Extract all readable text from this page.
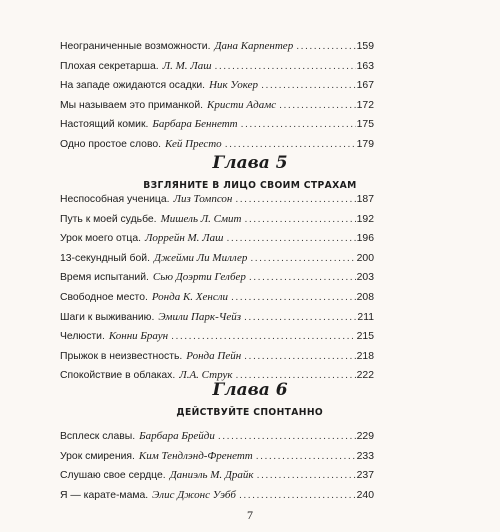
Неограниченные возможности. Дана Карпентер .....	159
Плохая секретарша. Л. М. Лаш .....	163
На западе ожидаются осадки. Ник Уокер .....	167
Мы называем это приманкой. Кристи Адамс .....	172
Настоящий комик. Барбара Беннетт .....	175
Одно простое слово. Кей Престо .....	179
Глава 5
ВЗГЛЯНИТЕ В ЛИЦО СВОИМ СТРАХАМ
Неспособная ученица. Лиз Томпсон .....	187
Путь к моей судьбе. Мишель Л. Смит .....	192
Урок моего отца. Лоррейн М. Лаш .....	196
13-секундный бой. Джейми Ли Миллер .....	200
Время испытаний. Сью Доэрти Гелбер .....	203
Свободное место. Ронда К. Хенсли .....	208
Шаги к выживанию. Эмили Парк-Чейз .....	211
Челюсти. Конни Браун .....	215
Прыжок в неизвестность. Ронда Пейн .....	218
Спокойствие в облаках. Л.А. Струк .....	222
Глава 6
ДЕЙСТВУЙТЕ СПОНТАННО
Всплеск славы. Барбара Брейди .....	229
Урок смирения. Ким Тендлэнд-Френетт .....	233
Слушаю свое сердце. Даниэль М. Драйк .....	237
Я — карате-мама. Элис Джонс Уэбб .....	240
7
